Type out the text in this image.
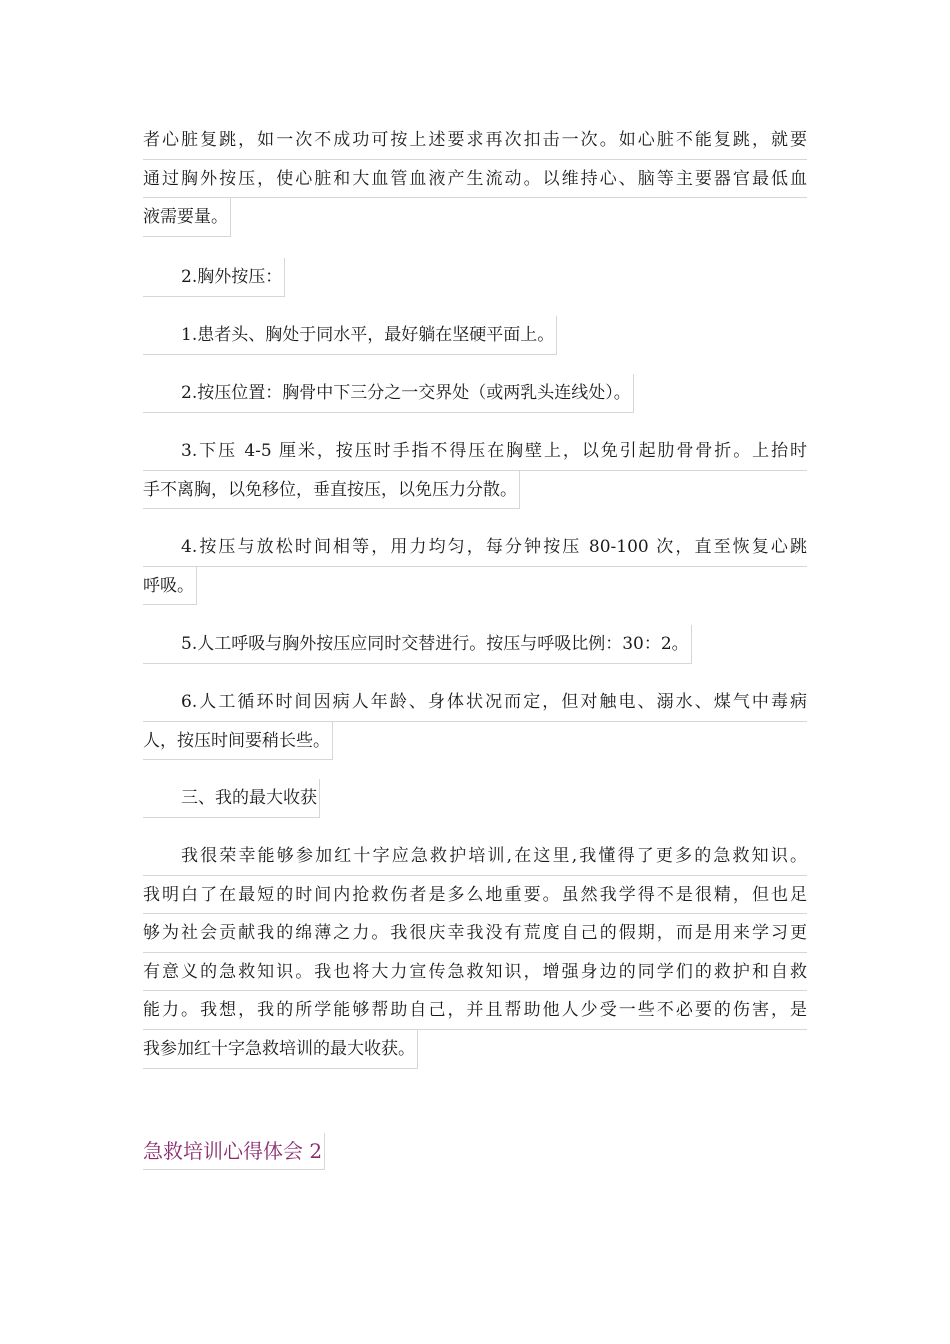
者心脏复跳，如一次不成功可按上述要求再次扣击一次。如心脏不能复跳，就要
通过胸外按压，使心脏和大血管血液产生流动。以维持心、脑等主要器官最低血
液需要量。
2.胸外按压：
1.患者头、胸处于同水平，最好躺在坚硬平面上。
2.按压位置：胸骨中下三分之一交界处（或两乳头连线处）。
3.下压 4-5 厘米，按压时手指不得压在胸壁上，以免引起肋骨骨折。上抬时
手不离胸，以免移位，垂直按压，以免压力分散。
4.按压与放松时间相等，用力均匀，每分钟按压 80-100 次，直至恢复心跳
呼吸。
5.人工呼吸与胸外按压应同时交替进行。按压与呼吸比例：30：2。
6.人工循环时间因病人年龄、身体状况而定，但对触电、溺水、煤气中毒病
人，按压时间要稍长些。
三、我的最大收获
我很荣幸能够参加红十字应急救护培训,在这里,我懂得了更多的急救知识。
我明白了在最短的时间内抢救伤者是多么地重要。虽然我学得不是很精，但也足
够为社会贡献我的绵薄之力。我很庆幸我没有荒度自己的假期，而是用来学习更
有意义的急救知识。我也将大力宣传急救知识，增强身边的同学们的救护和自救
能力。我想，我的所学能够帮助自己，并且帮助他人少受一些不必要的伤害，是
我参加红十字急救培训的最大收获。
急救培训心得体会 2
